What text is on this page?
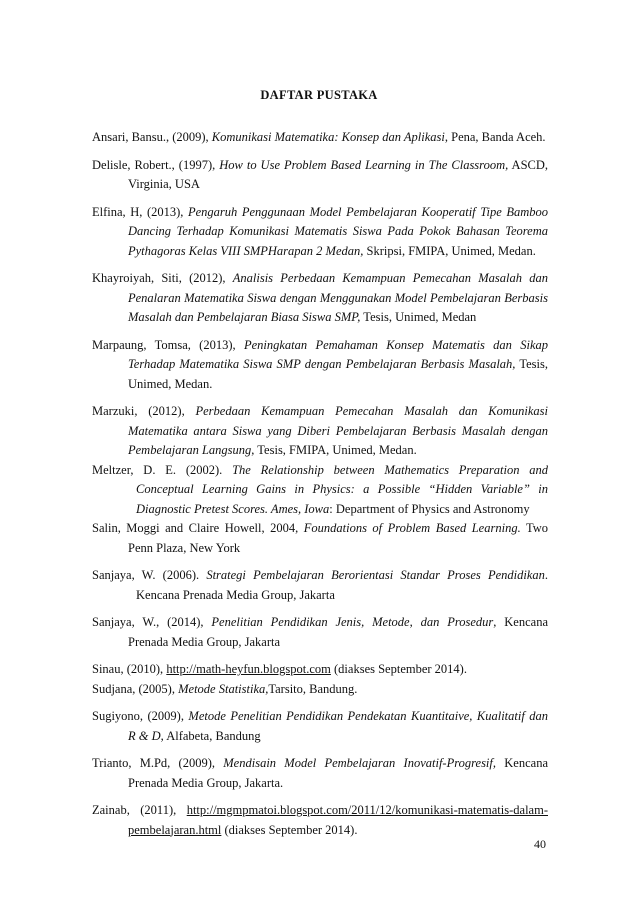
DAFTAR PUSTAKA

Ansari, Bansu., (2009), Komunikasi Matematika: Konsep dan Aplikasi, Pena, Banda Aceh.

Delisle, Robert., (1997), How to Use Problem Based Learning in The Classroom, ASCD, Virginia, USA

Elfina, H, (2013), Pengaruh Penggunaan Model Pembelajaran Kooperatif Tipe Bamboo Dancing Terhadap Komunikasi Matematis Siswa Pada Pokok Bahasan Teorema Pythagoras Kelas VIII SMPHarapan 2 Medan, Skripsi, FMIPA, Unimed, Medan.

Khayroiyah, Siti, (2012), Analisis Perbedaan Kemampuan Pemecahan Masalah dan Penalaran Matematika Siswa dengan Menggunakan Model Pembelajaran Berbasis Masalah dan Pembelajaran Biasa Siswa SMP, Tesis, Unimed, Medan

Marpaung, Tomsa, (2013), Peningkatan Pemahaman Konsep Matematis dan Sikap Terhadap Matematika Siswa SMP dengan Pembelajaran Berbasis Masalah, Tesis, Unimed, Medan.

Marzuki, (2012), Perbedaan Kemampuan Pemecahan Masalah dan Komunikasi Matematika antara Siswa yang Diberi Pembelajaran Berbasis Masalah dengan Pembelajaran Langsung, Tesis, FMIPA, Unimed, Medan.

Meltzer, D. E. (2002). The Relationship between Mathematics Preparation and Conceptual Learning Gains in Physics: a Possible “Hidden Variable” in Diagnostic Pretest Scores. Ames, Iowa: Department of Physics and Astronomy

Salin, Moggi and Claire Howell, 2004, Foundations of Problem Based Learning. Two Penn Plaza, New York

Sanjaya, W. (2006). Strategi Pembelajaran Berorientasi Standar Proses Pendidikan. Kencana Prenada Media Group, Jakarta

Sanjaya, W., (2014), Penelitian Pendidikan Jenis, Metode, dan Prosedur, Kencana Prenada Media Group, Jakarta

Sinau, (2010), http://math-heyfun.blogspot.com (diakses September 2014).

Sudjana, (2005), Metode Statistika,Tarsito, Bandung.

Sugiyono, (2009), Metode Penelitian Pendidikan Pendekatan Kuantitaive, Kualitatif dan R & D, Alfabeta, Bandung

Trianto, M.Pd, (2009), Mendisain Model Pembelajaran Inovatif-Progresif, Kencana Prenada Media Group, Jakarta.

Zainab, (2011), http://mgmpmatoi.blogspot.com/2011/12/komunikasi-matematis-dalam-pembelajaran.html (diakses September 2014).

40
